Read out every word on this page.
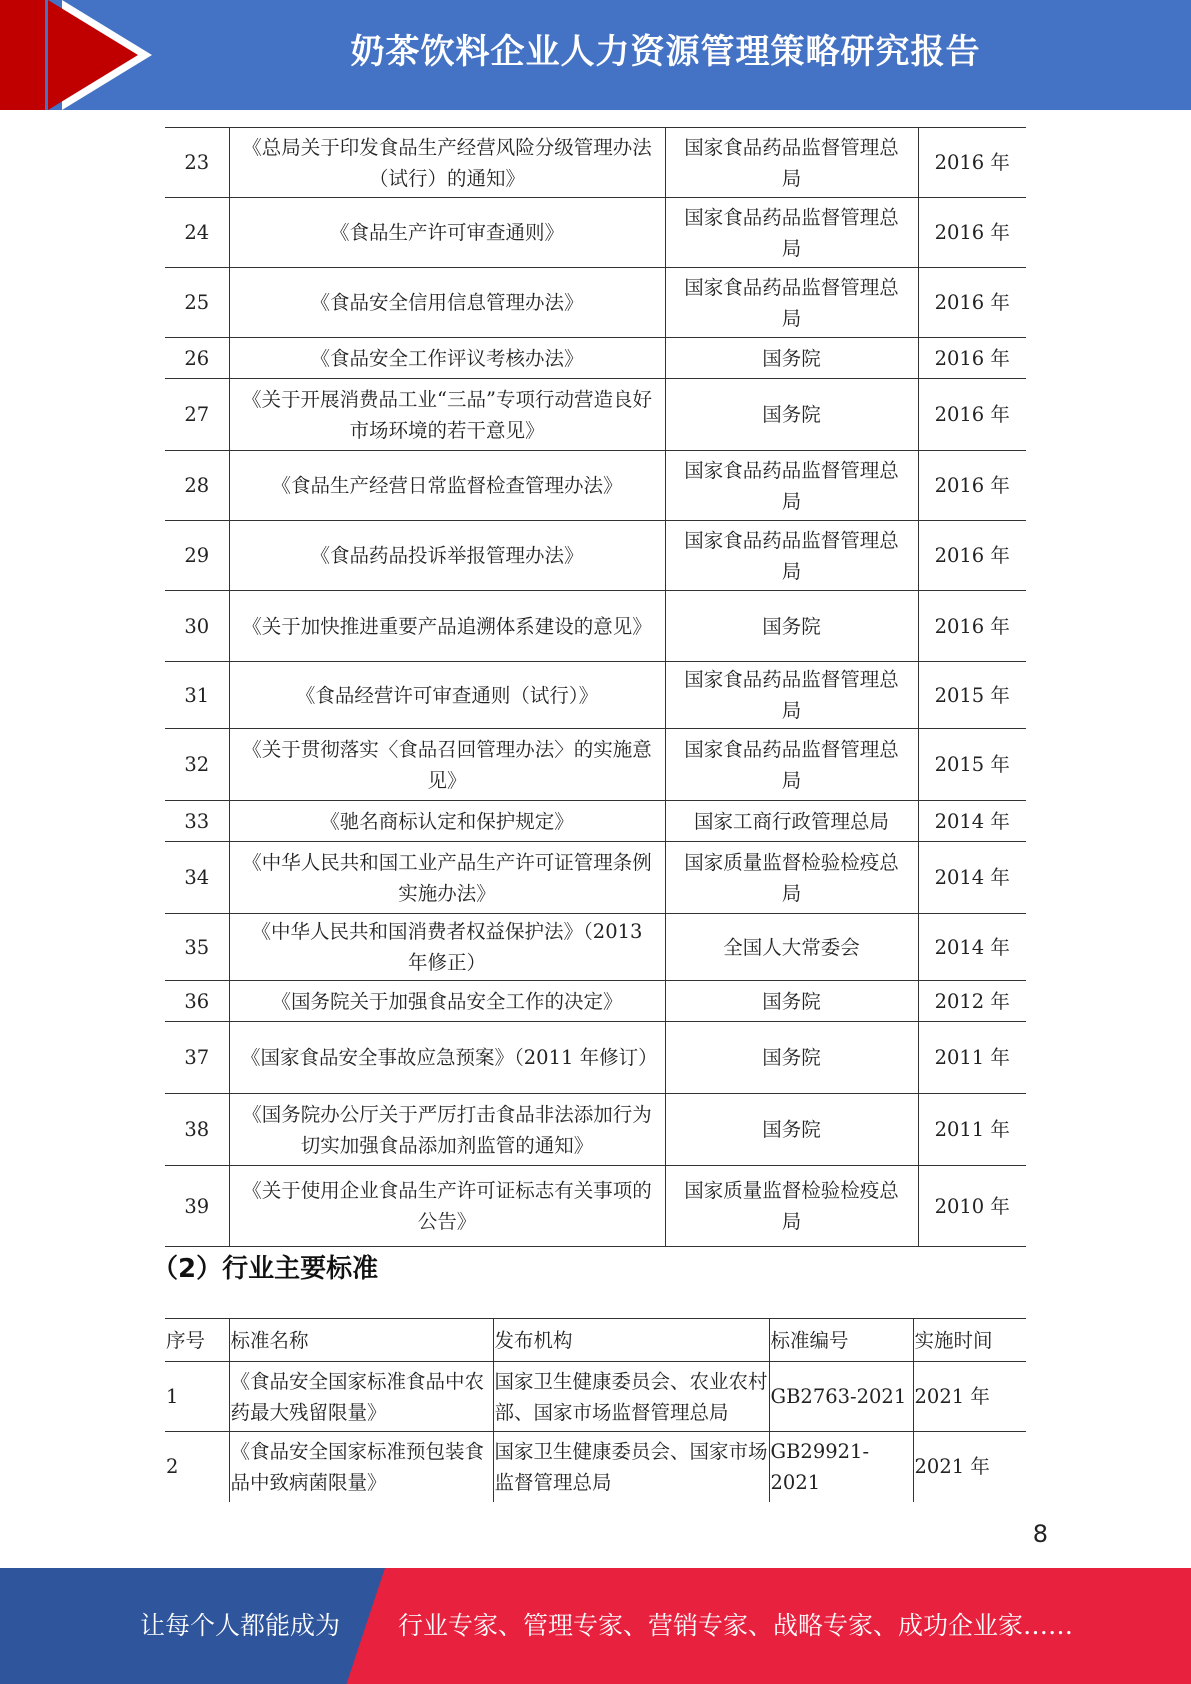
奶茶饮料企业人力资源管理策略研究报告
23	《总局关于印发食品生产经营风险分级管理办法（试行）的通知》	国家食品药品监督管理总局	2016 年
24	《食品生产许可审查通则》	国家食品药品监督管理总局	2016 年
25	《食品安全信用信息管理办法》	国家食品药品监督管理总局	2016 年
26	《食品安全工作评议考核办法》	国务院	2016 年
27	《关于开展消费品工业“三品”专项行动营造良好市场环境的若干意见》	国务院	2016 年
28	《食品生产经营日常监督检查管理办法》	国家食品药品监督管理总局	2016 年
29	《食品药品投诉举报管理办法》	国家食品药品监督管理总局	2016 年
30	《关于加快推进重要产品追溯体系建设的意见》	国务院	2016 年
31	《食品经营许可审查通则（试行）》	国家食品药品监督管理总局	2015 年
32	《关于贯彻落实〈食品召回管理办法〉的实施意见》	国家食品药品监督管理总局	2015 年
33	《驰名商标认定和保护规定》	国家工商行政管理总局	2014 年
34	《中华人民共和国工业产品生产许可证管理条例实施办法》	国家质量监督检验检疫总局	2014 年
35	《中华人民共和国消费者权益保护法》（2013 年修正）	全国人大常委会	2014 年
36	《国务院关于加强食品安全工作的决定》	国务院	2012 年
37	《国家食品安全事故应急预案》（2011 年修订）	国务院	2011 年
38	《国务院办公厅关于严厉打击食品非法添加行为切实加强食品添加剂监管的通知》	国务院	2011 年
39	《关于使用企业食品生产许可证标志有关事项的公告》	国家质量监督检验检疫总局	2010 年
（2）行业主要标准
序号	标准名称	发布机构	标准编号	实施时间
1	《食品安全国家标准食品中农药最大残留限量》	国家卫生健康委员会、农业农村部、国家市场监督管理总局	GB2763-2021	2021 年
2	《食品安全国家标准预包装食品中致病菌限量》	国家卫生健康委员会、国家市场监督管理总局	GB29921-2021	2021 年
8
让每个人都能成为 行业专家、管理专家、营销专家、战略专家、成功企业家……
